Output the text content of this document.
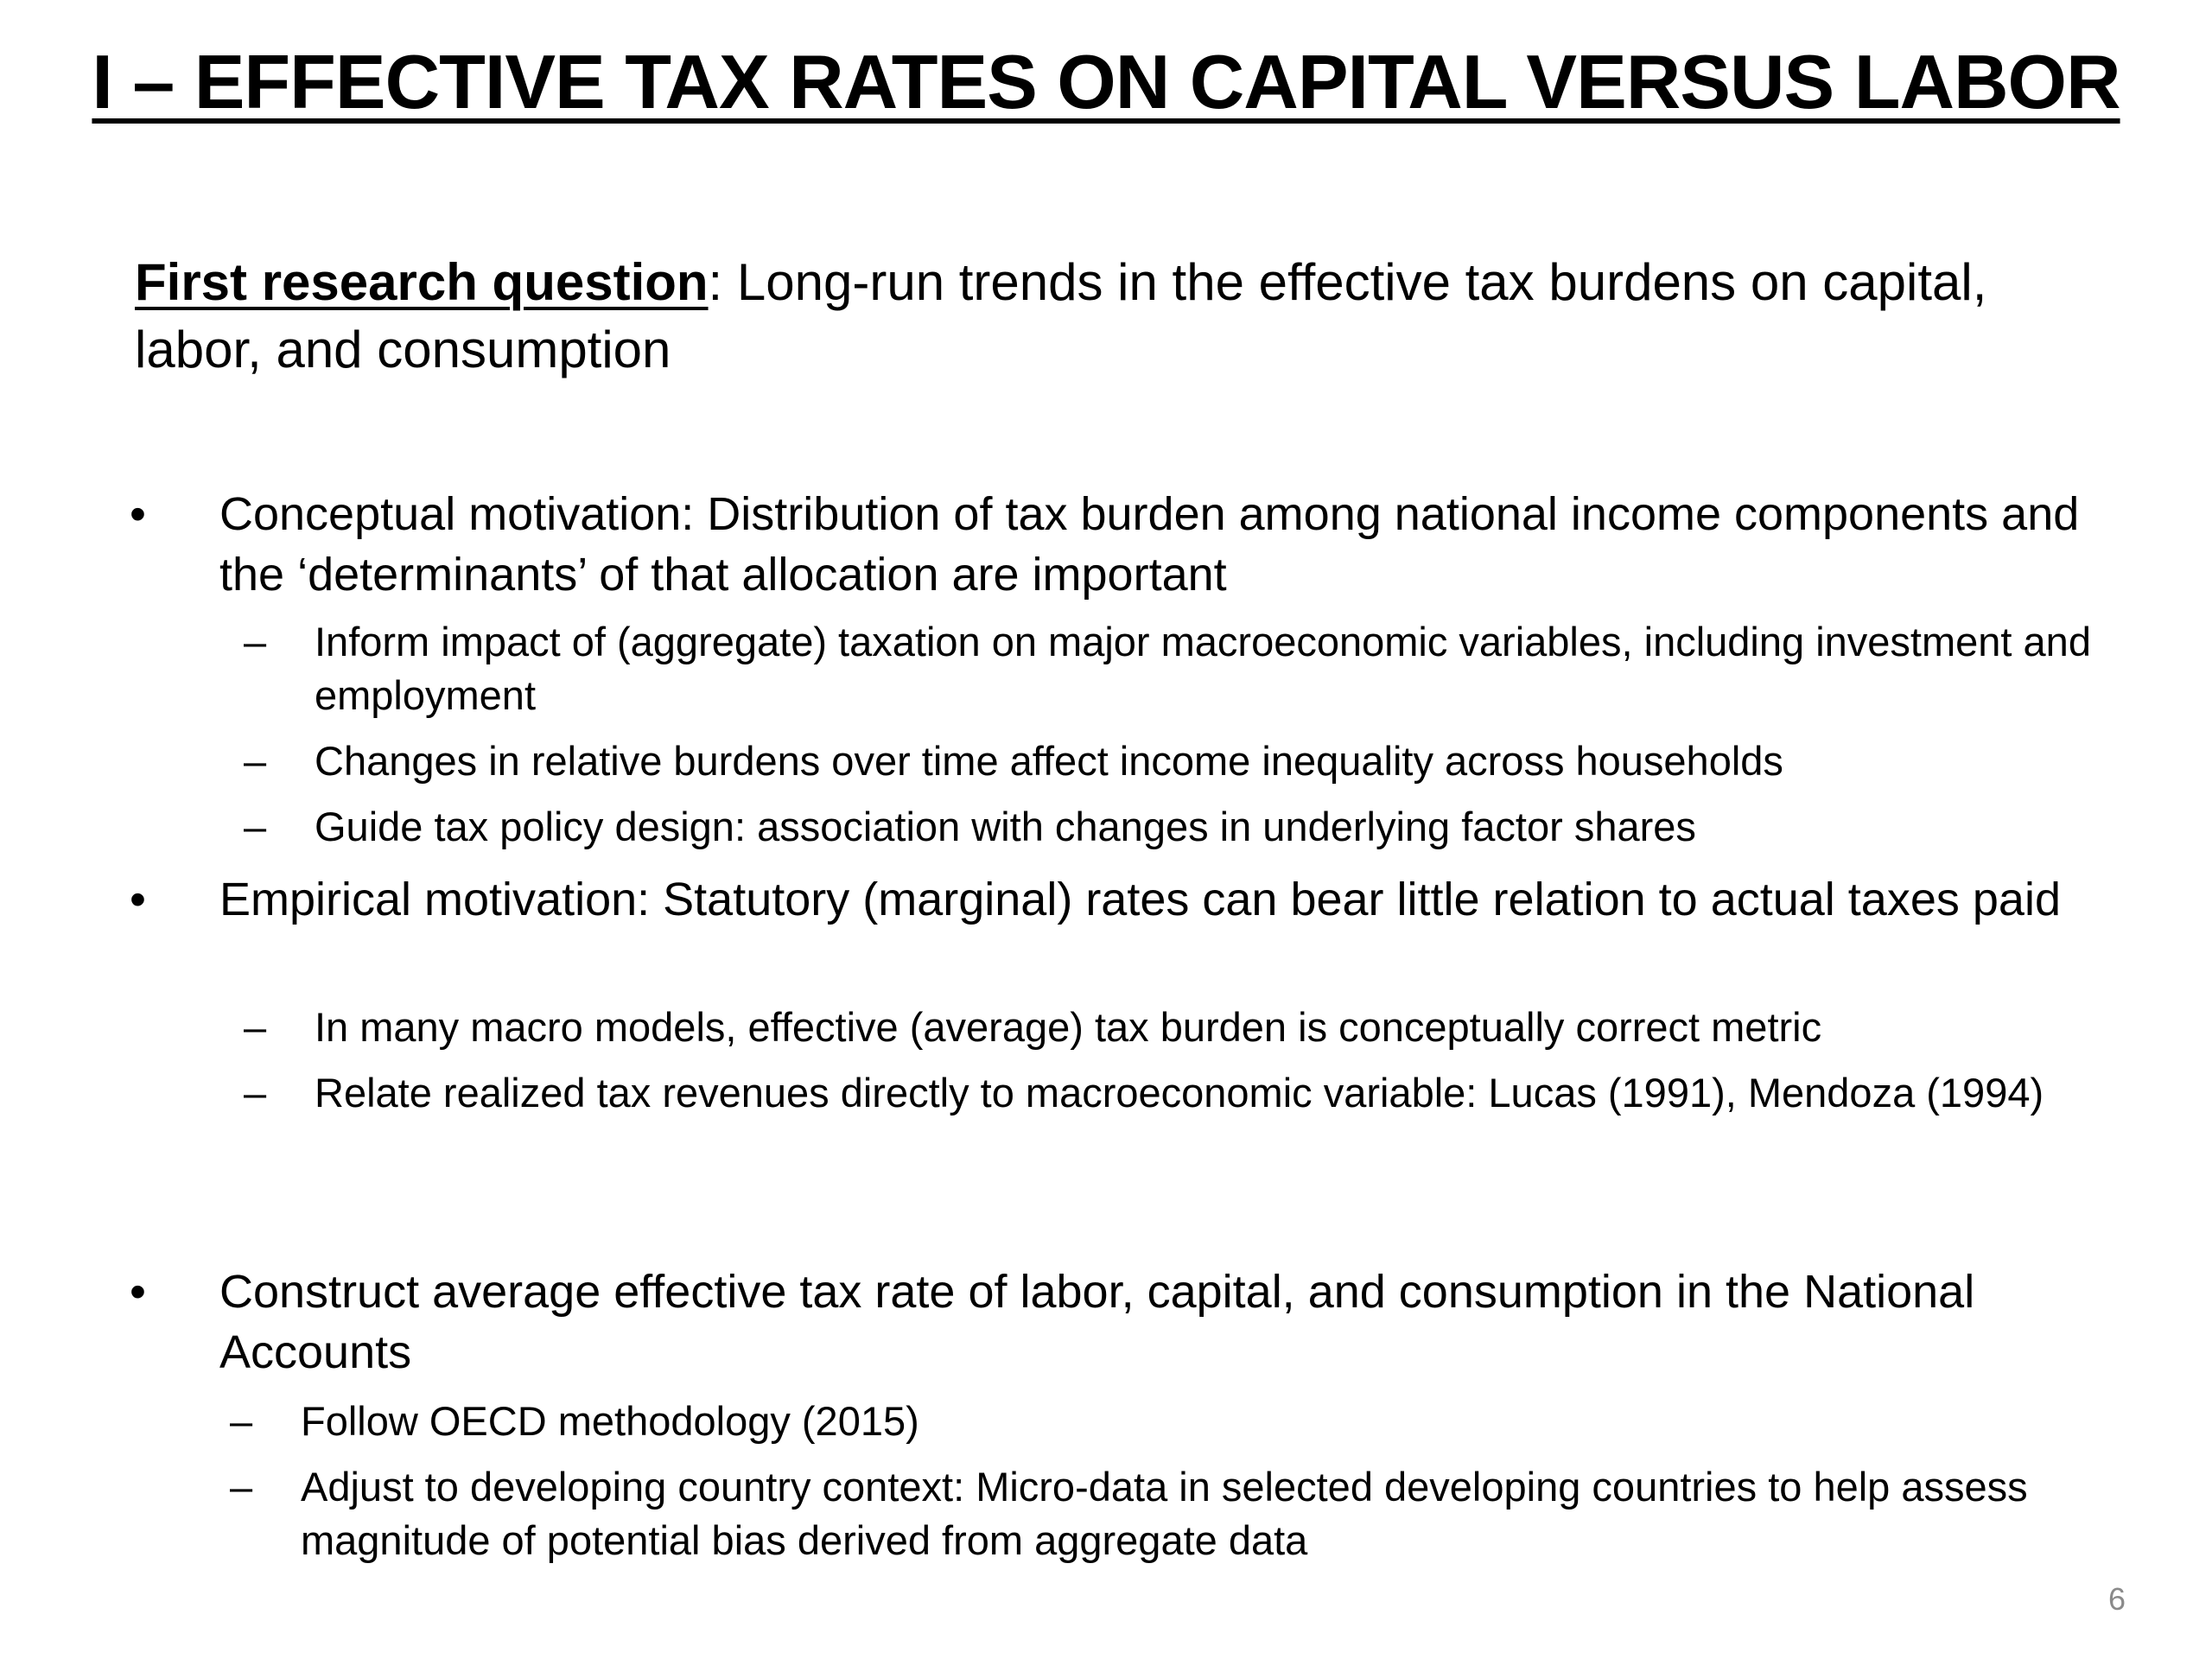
I – EFFECTIVE TAX RATES ON CAPITAL VERSUS LABOR
First research question: Long-run trends in the effective tax burdens on capital, labor, and consumption
•	Conceptual motivation: Distribution of tax burden among national income components and the ‘determinants’ of that allocation are important
–	Inform impact of (aggregate) taxation on major macroeconomic variables, including investment and employment
–	Changes in relative burdens over time affect income inequality across households
–	Guide tax policy design: association with changes in underlying factor shares
•	Empirical motivation: Statutory (marginal) rates can bear little relation to actual taxes paid
–	In many macro models, effective (average) tax burden is conceptually correct metric
–	Relate realized tax revenues directly to macroeconomic variable: Lucas (1991), Mendoza (1994)
•	Construct average effective tax rate of labor, capital, and consumption in the National Accounts
–	Follow OECD methodology (2015)
–	Adjust to developing country context: Micro-data in selected developing countries to help assess magnitude of potential bias derived from aggregate data
6
